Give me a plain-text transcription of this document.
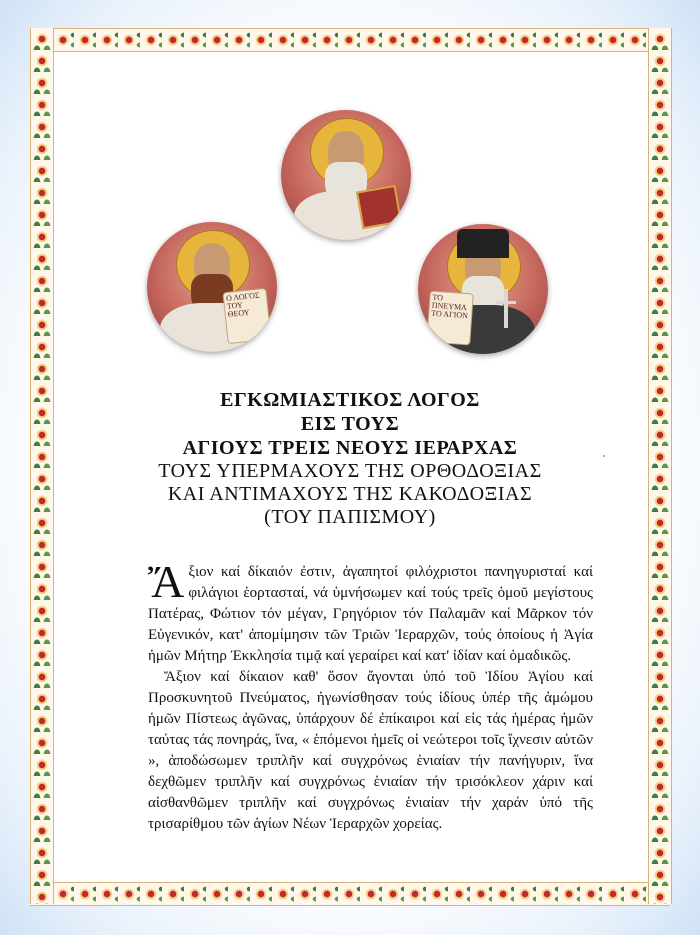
Ο ΛΟΓΟΣ ΤΟΥ ΘΕΟΥ
ΤΟ ΠΝΕΥΜΑ ΤΟ ΑΓΙΟΝ
ΕΓΚΩΜΙΑΣΤΙΚΟΣ ΛΟΓΟΣ
ΕΙΣ ΤΟΥΣ
ΑΓΙΟΥΣ ΤΡΕΙΣ ΝΕΟΥΣ ΙΕΡΑΡΧΑΣ
ΤΟΥΣ ΥΠΕΡΜΑΧΟΥΣ ΤΗΣ ΟΡΘΟΔΟΞΙΑΣ
ΚΑΙ ΑΝΤΙΜΑΧΟΥΣ ΤΗΣ ΚΑΚΟΔΟΞΙΑΣ
(ΤΟΥ ΠΑΠΙΣΜΟΥ)

Ἄξιον καί δίκαιόν ἐστιν, ἀγαπητοί φιλόχριστοι πανηγυρισταί καί φιλάγιοι ἑορτασταί, νά ὑμνήσωμεν καί τούς τρεῖς ὁμοῦ μεγίστους Πατέρας, Φώτιον τόν μέγαν, Γρηγόριον τόν Παλαμᾶν καί Μᾶρκον τόν Εὐγενικόν, κατ' ἀπομίμησιν τῶν Τριῶν Ἱεραρχῶν, τούς ὁποίους ἡ Ἁγία ἡμῶν Μήτηρ Ἐκκλησία τιμᾷ καί γεραίρει καί κατ' ἰδίαν καί ὁμαδικῶς.

Ἄξιον καί δίκαιον καθ' ὅσον ἄγονται ὑπό τοῦ Ἰδίου Ἁγίου καί Προσκυνητοῦ Πνεύματος, ἠγωνίσθησαν τούς ἰδίους ὑπέρ τῆς ἀμώμου ἡμῶν Πίστεως ἀγῶνας, ὑπάρχουν δέ ἐπίκαιροι καί εἰς τάς ἡμέρας ἡμῶν ταύτας τάς πονηράς, ἵνα, « ἑπόμενοι ἡμεῖς οἱ νεώτεροι τοῖς ἴχνεσιν αὐτῶν », ἀποδώσωμεν τριπλῆν καί συγχρόνως ἑνιαίαν τήν πανήγυριν, ἵνα δεχθῶμεν τριπλῆν καί συγχρόνως ἑνιαίαν τήν τρισόκλεον χάριν καί αἰσθανθῶμεν τριπλῆν καί συγχρόνως ἑνιαίαν τήν χαράν ὑπό τῆς τρισαρίθμου τῶν ἁγίων Νέων Ἱεραρχῶν χορείας.
